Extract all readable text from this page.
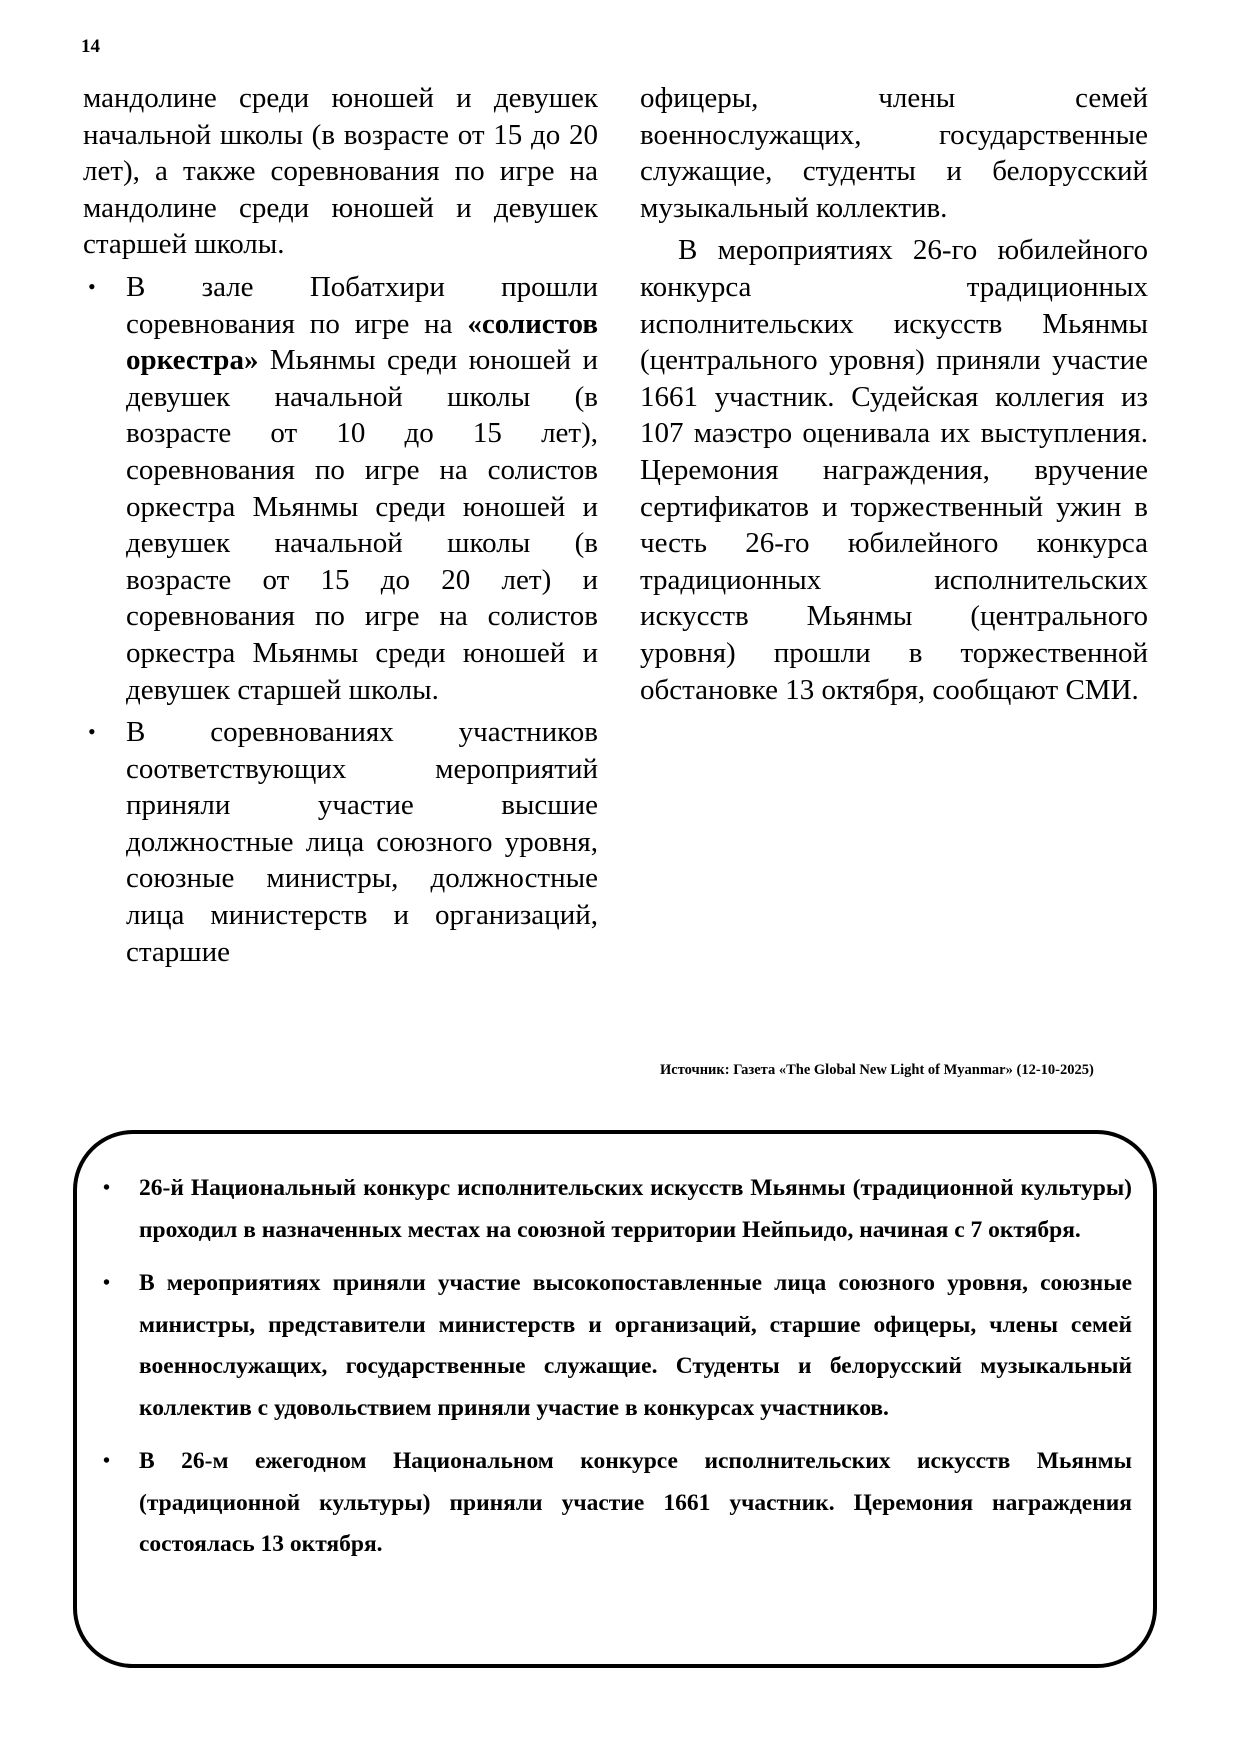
14

мандолине среди юношей и девушек начальной школы (в возрасте от 15 до 20 лет), а также соревнования по игре на мандолине среди юношей и девушек старшей школы.

• В зале Побатхири прошли соревнования по игре на «солистов оркестра» Мьянмы среди юношей и девушек начальной школы (в возрасте от 10 до 15 лет), соревнования по игре на солистов оркестра Мьянмы среди юношей и девушек начальной школы (в возрасте от 15 до 20 лет) и соревнования по игре на солистов оркестра Мьянмы среди юношей и девушек старшей школы.
• В соревнованиях участников соответствующих мероприятий приняли участие высшие должностные лица союзного уровня, союзные министры, должностные лица министерств и организаций, старшие

офицеры, члены семей военнослужащих, государственные служащие, студенты и белорусский музыкальный коллектив.

В мероприятиях 26-го юбилейного конкурса традиционных исполнительских искусств Мьянмы (центрального уровня) приняли участие 1661 участник. Судейская коллегия из 107 маэстро оценивала их выступления. Церемония награждения, вручение сертификатов и торжественный ужин в честь 26-го юбилейного конкурса традиционных исполнительских искусств Мьянмы (центрального уровня) прошли в торжественной обстановке 13 октября, сообщают СМИ.

Источник: Газета «The Global New Light of Myanmar» (12-10-2025)
• 26-й Национальный конкурс исполнительских искусств Мьянмы (традиционной культуры) проходил в назначенных местах на союзной территории Нейпьидо, начиная с 7 октября.
• В мероприятиях приняли участие высокопоставленные лица союзного уровня, союзные министры, представители министерств и организаций, старшие офицеры, члены семей военнослужащих, государственные служащие. Студенты и белорусский музыкальный коллектив с удовольствием приняли участие в конкурсах участников.
• В 26-м ежегодном Национальном конкурсе исполнительских искусств Мьянмы (традиционной культуры) приняли участие 1661 участник. Церемония награждения состоялась 13 октября.
